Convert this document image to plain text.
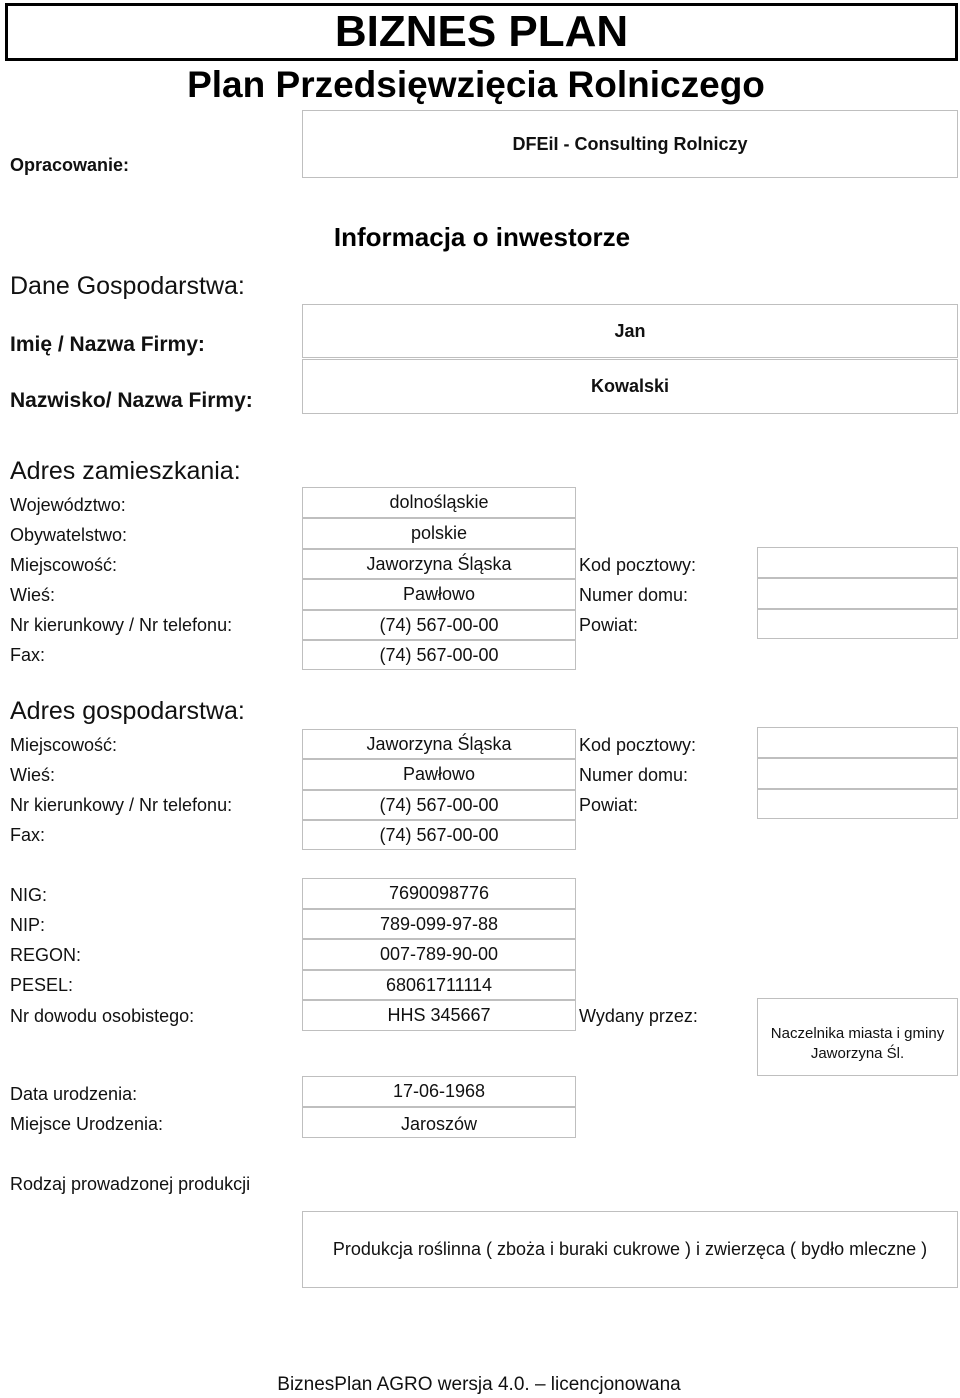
BIZNES PLAN
Plan Przedsięwzięcia Rolniczego
Opracowanie:
DFEiI - Consulting Rolniczy
Informacja o inwestorze
Dane Gospodarstwa:
Imię / Nazwa Firmy:
Nazwisko/ Nazwa Firmy:
Jan
Kowalski
Adres zamieszkania:
Województwo:	dolnośląskie
Obywatelstwo:	polskie
Miejscowość:	Jaworzyna Śląska
Wieś:	Pawłowo
Nr kierunkowy / Nr telefonu:	(74) 567-00-00
Fax:	(74) 567-00-00
Kod pocztowy:
Numer domu:
Powiat:
Adres gospodarstwa:
Miejscowość:	Jaworzyna Śląska
Wieś:	Pawłowo
Nr kierunkowy / Nr telefonu:	(74) 567-00-00
Fax:	(74) 567-00-00
Kod pocztowy:
Numer domu:
Powiat:
NIG:	7690098776
NIP:	789-099-97-88
REGON:	007-789-90-00
PESEL:	68061711114
Nr dowodu osobistego:	HHS 345667	Wydany przez:
Naczelnika miasta i gminy Jaworzyna Śl.
Data urodzenia:	17-06-1968
Miejsce Urodzenia:	Jaroszów
Rodzaj prowadzonej produkcji
Produkcja roślinna ( zboża i buraki cukrowe ) i zwierzęca ( bydło mleczne )
BiznesPlan AGRO wersja 4.0. – licencjonowana
